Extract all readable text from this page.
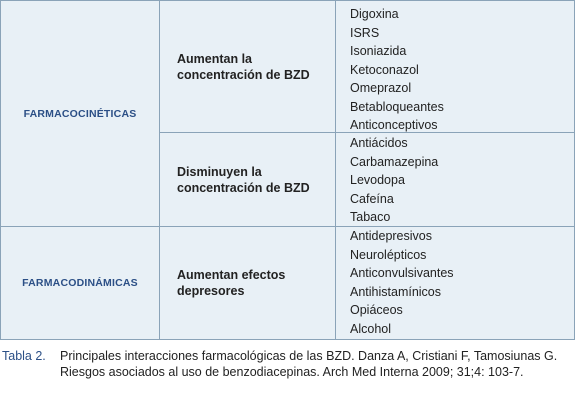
FARMACOCINÉTICAS
Aumentan la
concentración de BZD
Digoxina
ISRS
Isoniazida
Ketoconazol
Omeprazol
Betabloqueantes
Anticonceptivos
Disminuyen la
concentración de BZD
Antiácidos
Carbamazepina
Levodopa
Cafeína
Tabaco
FARMACODINÁMICAS
Aumentan efectos
depresores
Antidepresivos
Neurolépticos
Anticonvulsivantes
Antihistamínicos
Opiáceos
Alcohol
Tabla 2. Principales interacciones farmacológicas de las BZD. Danza A, Cristiani F, Tamosiunas G. Riesgos asociados al uso de benzodiacepinas. Arch Med Interna 2009; 31;4: 103-7.
